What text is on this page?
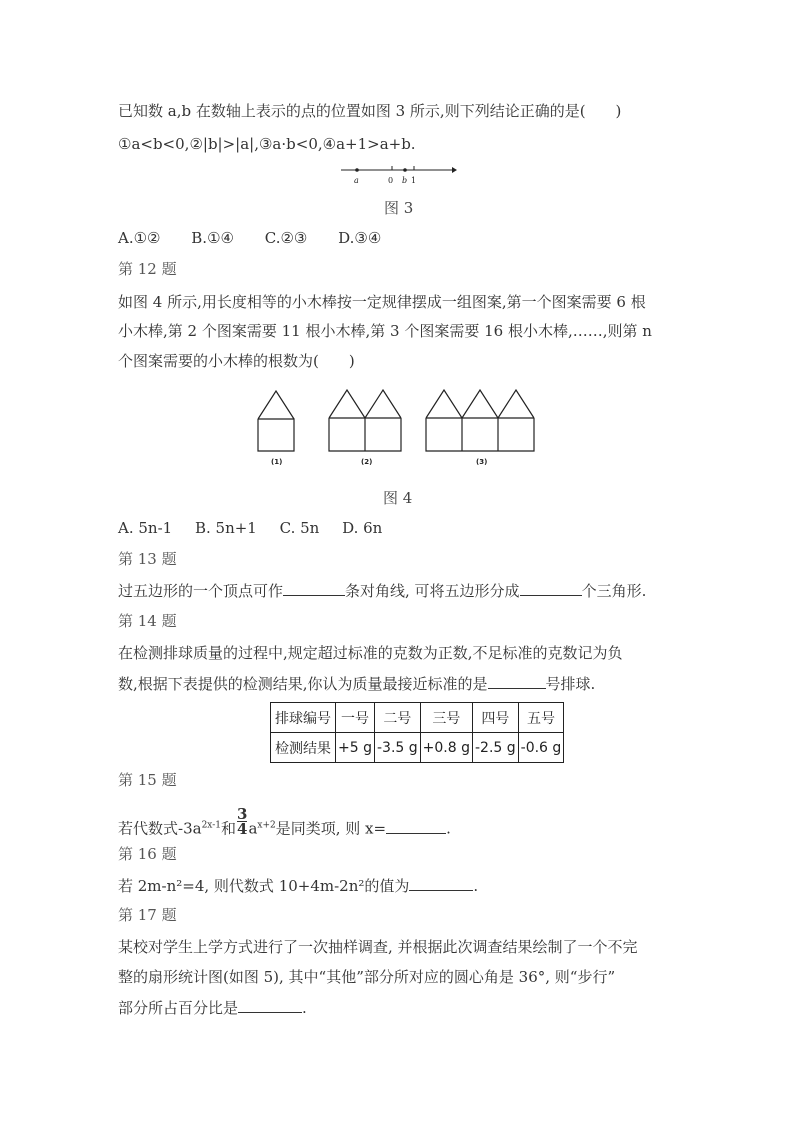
已知数 a,b 在数轴上表示的点的位置如图 3 所示,则下列结论正确的是(　　)
①a<b<0,②|b|>|a|,③a·b<0,④a+1>a+b.
a	0 b 1
图 3
A.①② B.①④ C.②③ D.③④
第 12 题
如图 4 所示,用长度相等的小木棒按一定规律摆成一组图案,第一个图案需要 6 根
小木棒,第 2 个图案需要 11 根小木棒,第 3 个图案需要 16 根小木棒,……,则第 n
个图案需要的小木棒的根数为(　　)
(1)	(2)	(3)
图 4
A. 5n-1 B. 5n+1 C. 5n D. 6n
第 13 题
过五边形的一个顶点可作	条对角线, 可将五边形分成	个三角形.
第 14 题
在检测排球质量的过程中,规定超过标准的克数为正数,不足标准的克数记为负
数,根据下表提供的检测结果,你认为质量最接近标准的是	号排球.
排球编号	一号	二号	三号	四号	五号
检测结果	+5 g	-3.5 g	+0.8 g	-2.5 g	-0.6 g
第 15 题
若代数式$-3a^{2x-1}$和 $\frac{3}{4} a^{x+2}$是同类项, 则 x=	.
第 16 题
若 2m-n²=4, 则代数式 10+4m-2n²的值为	.
第 17 题
某校对学生上学方式进行了一次抽样调查, 并根据此次调查结果绘制了一个不完
整的扇形统计图(如图 5), 其中“其他”部分所对应的圆心角是 36°, 则“步行”
部分所占百分比是	.
